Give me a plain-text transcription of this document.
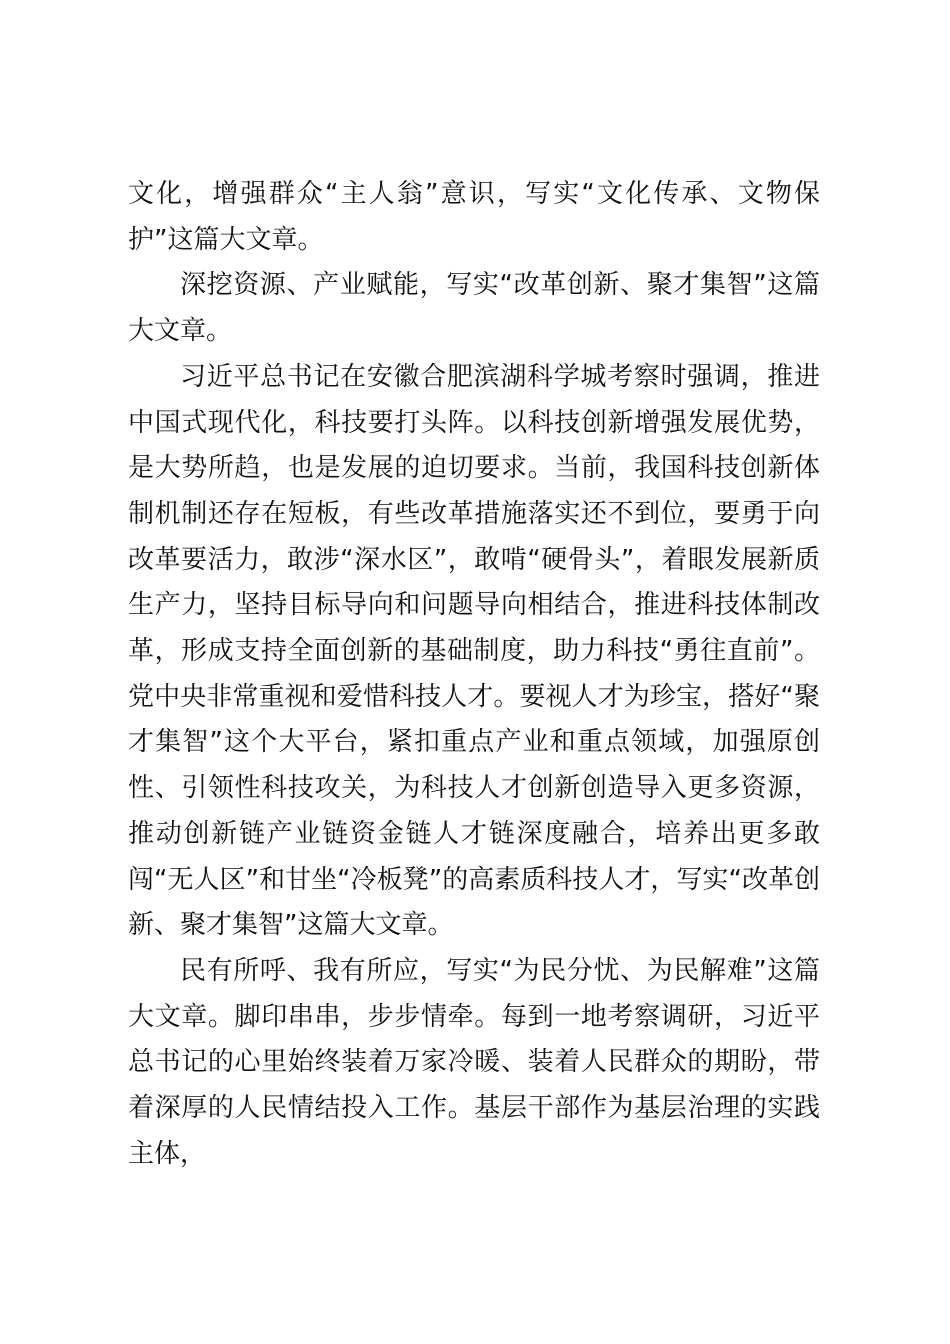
文化，增强群众“主人翁”意识，写实“文化传承、文物保护”这篇大文章。

深挖资源、产业赋能，写实“改革创新、聚才集智”这篇大文章。

习近平总书记在安徽合肥滨湖科学城考察时强调，推进中国式现代化，科技要打头阵。以科技创新增强发展优势，是大势所趋，也是发展的迫切要求。当前，我国科技创新体制机制还存在短板，有些改革措施落实还不到位，要勇于向改革要活力，敢涉“深水区”，敢啃“硬骨头”，着眼发展新质生产力，坚持目标导向和问题导向相结合，推进科技体制改革，形成支持全面创新的基础制度，助力科技“勇往直前”。党中央非常重视和爱惜科技人才。要视人才为珍宝，搭好“聚才集智”这个大平台，紧扣重点产业和重点领域，加强原创性、引领性科技攻关，为科技人才创新创造导入更多资源，推动创新链产业链资金链人才链深度融合，培养出更多敢闯“无人区”和甘坐“冷板凳”的高素质科技人才，写实“改革创新、聚才集智”这篇大文章。

民有所呼、我有所应，写实“为民分忧、为民解难”这篇大文章。脚印串串，步步情牵。每到一地考察调研，习近平总书记的心里始终装着万家冷暖、装着人民群众的期盼，带着深厚的人民情结投入工作。基层干部作为基层治理的实践主体，
